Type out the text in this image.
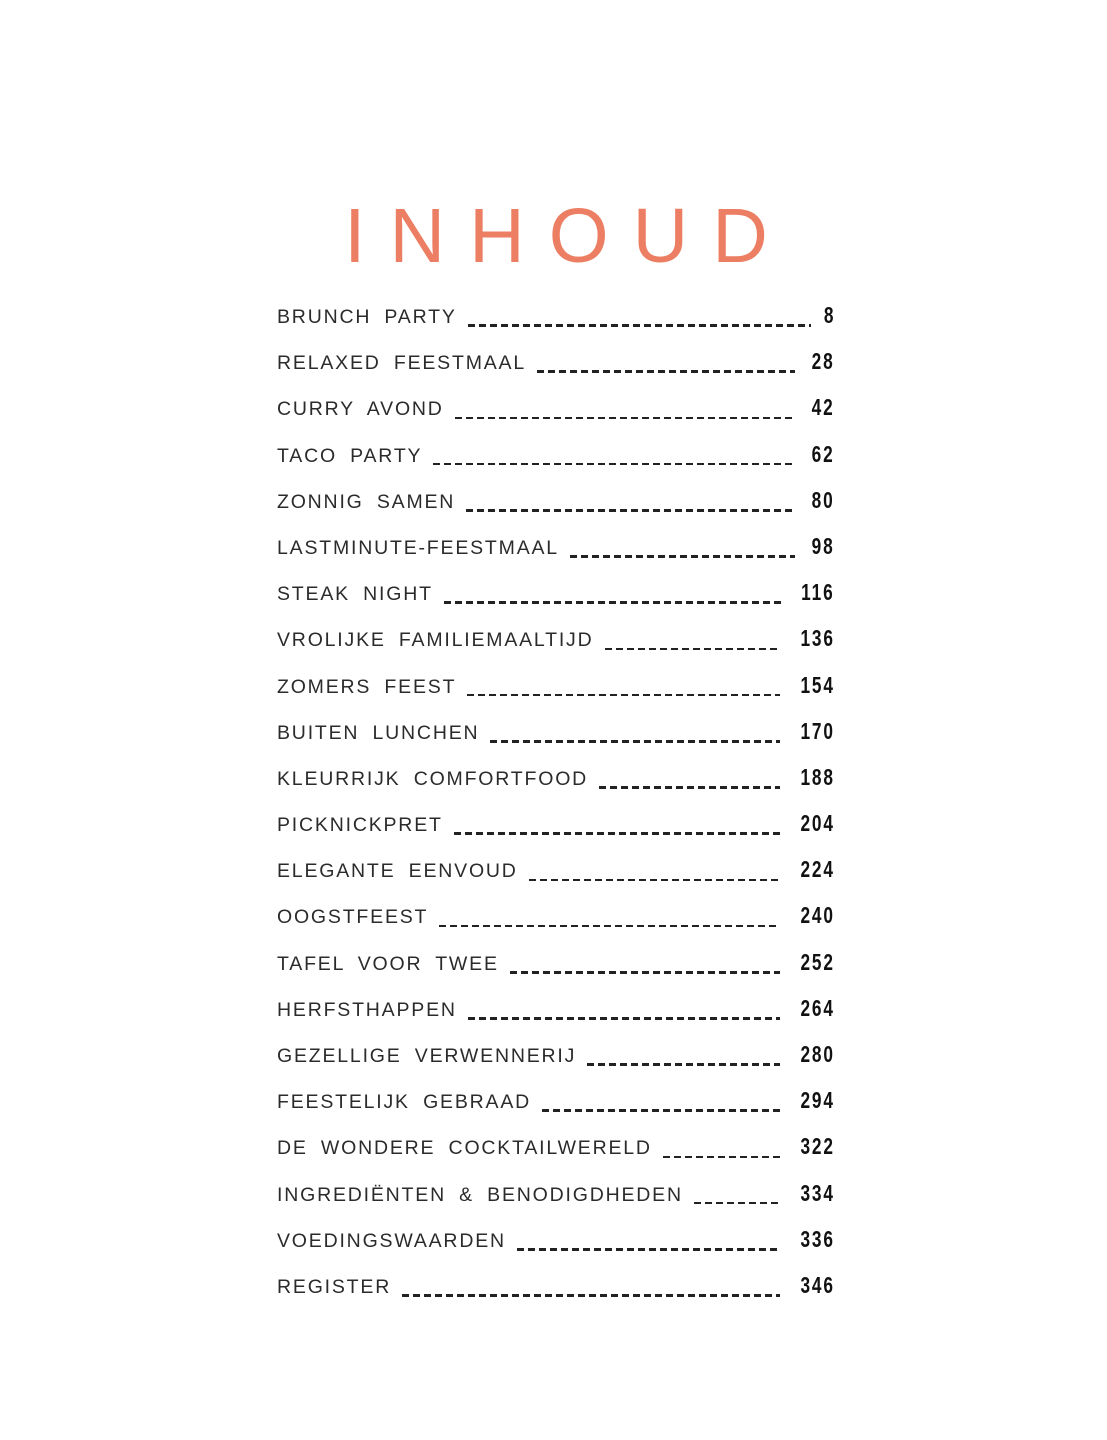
INHOUD
BRUNCH PARTY	8
RELAXED FEESTMAAL	28
CURRY AVOND	42
TACO PARTY	62
ZONNIG SAMEN	80
LASTMINUTE-FEESTMAAL	98
STEAK NIGHT	116
VROLIJKE FAMILIEMAALTIJD	136
ZOMERS FEEST	154
BUITEN LUNCHEN	170
KLEURRIJK COMFORTFOOD	188
PICKNICKPRET	204
ELEGANTE EENVOUD	224
OOGSTFEEST	240
TAFEL VOOR TWEE	252
HERFSTHAPPEN	264
GEZELLIGE VERWENNERIJ	280
FEESTELIJK GEBRAAD	294
DE WONDERE COCKTAILWERELD	322
INGREDIËNTEN & BENODIGDHEDEN	334
VOEDINGSWAARDEN	336
REGISTER	346
